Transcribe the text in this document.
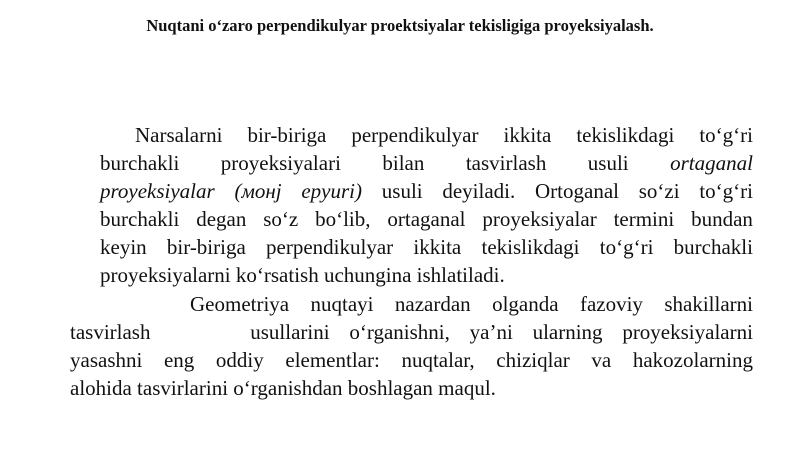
Nuqtani o‘zaro perpendikulyar proektsiyalar tekisligiga proyeksiyalash.
Narsalarni bir-biriga perpendikulyar ikkita tekislikdagi to‘g‘ri
burchakli proyeksiyalari bilan tasvirlash usuli ortaganal
proyeksiyalar (монj epyuri) usuli deyiladi. Ortoganal so‘zi to‘g‘ri
burchakli degan so‘z bo‘lib, ortaganal proyeksiyalar termini bundan
keyin bir-biriga perpendikulyar ikkita tekislikdagi to‘g‘ri burchakli
proyeksiyalarni ko‘rsatish uchungina ishlatiladi.
Geometriya nuqtayi nazardan olganda fazoviy shakillarni
tasvirlash	usullarini o‘rganishni, ya’ni ularning proyeksiyalarni
yasashni eng oddiy elementlar: nuqtalar, chiziqlar va hakozolarning
alohida tasvirlarini o‘rganishdan boshlagan maqul.
